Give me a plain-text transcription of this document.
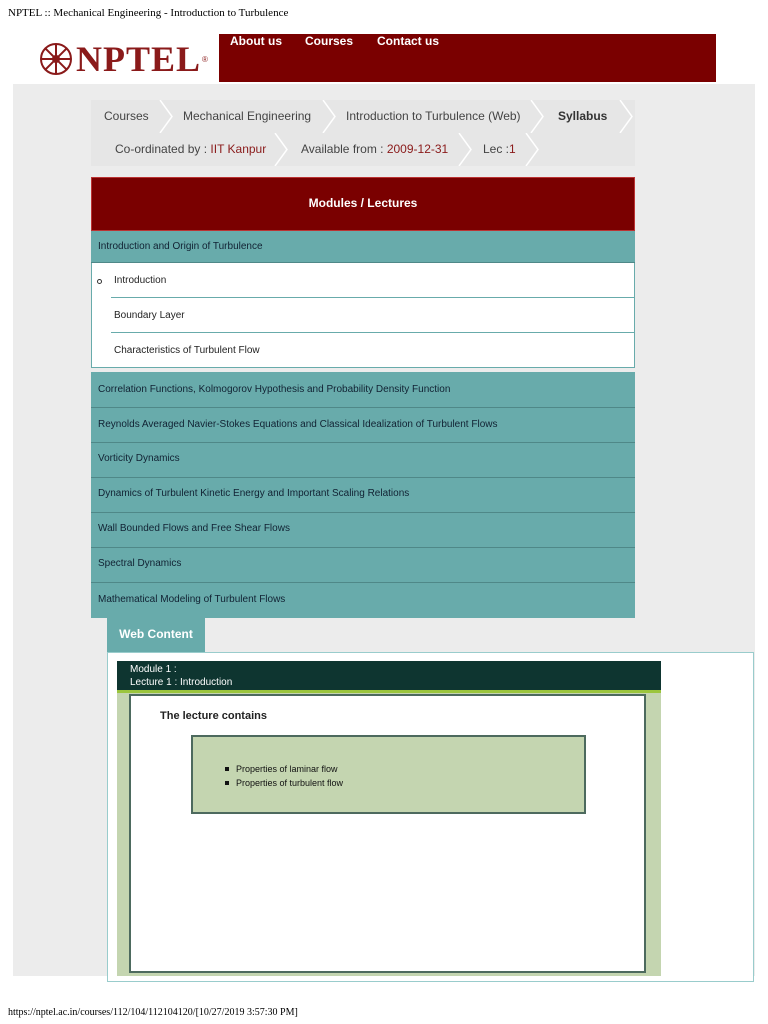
NPTEL :: Mechanical Engineering - Introduction to Turbulence
NPTEL ®
About us Courses Contact us
Courses	Mechanical Engineering	Introduction to Turbulence (Web)	Syllabus
Co-ordinated by : IIT Kanpur	Available from : 2009-12-31	Lec :1
Modules / Lectures
Introduction and Origin of Turbulence
Introduction
Boundary Layer
Characteristics of Turbulent Flow
Correlation Functions, Kolmogorov Hypothesis and Probability Density Function
Reynolds Averaged Navier-Stokes Equations and Classical Idealization of Turbulent Flows
Vorticity Dynamics
Dynamics of Turbulent Kinetic Energy and Important Scaling Relations
Wall Bounded Flows and Free Shear Flows
Spectral Dynamics
Mathematical Modeling of Turbulent Flows
Web Content
Module 1 :
Lecture 1 : Introduction
The lecture contains
Properties of laminar flow
Properties of turbulent flow
https://nptel.ac.in/courses/112/104/112104120/[10/27/2019 3:57:30 PM]
